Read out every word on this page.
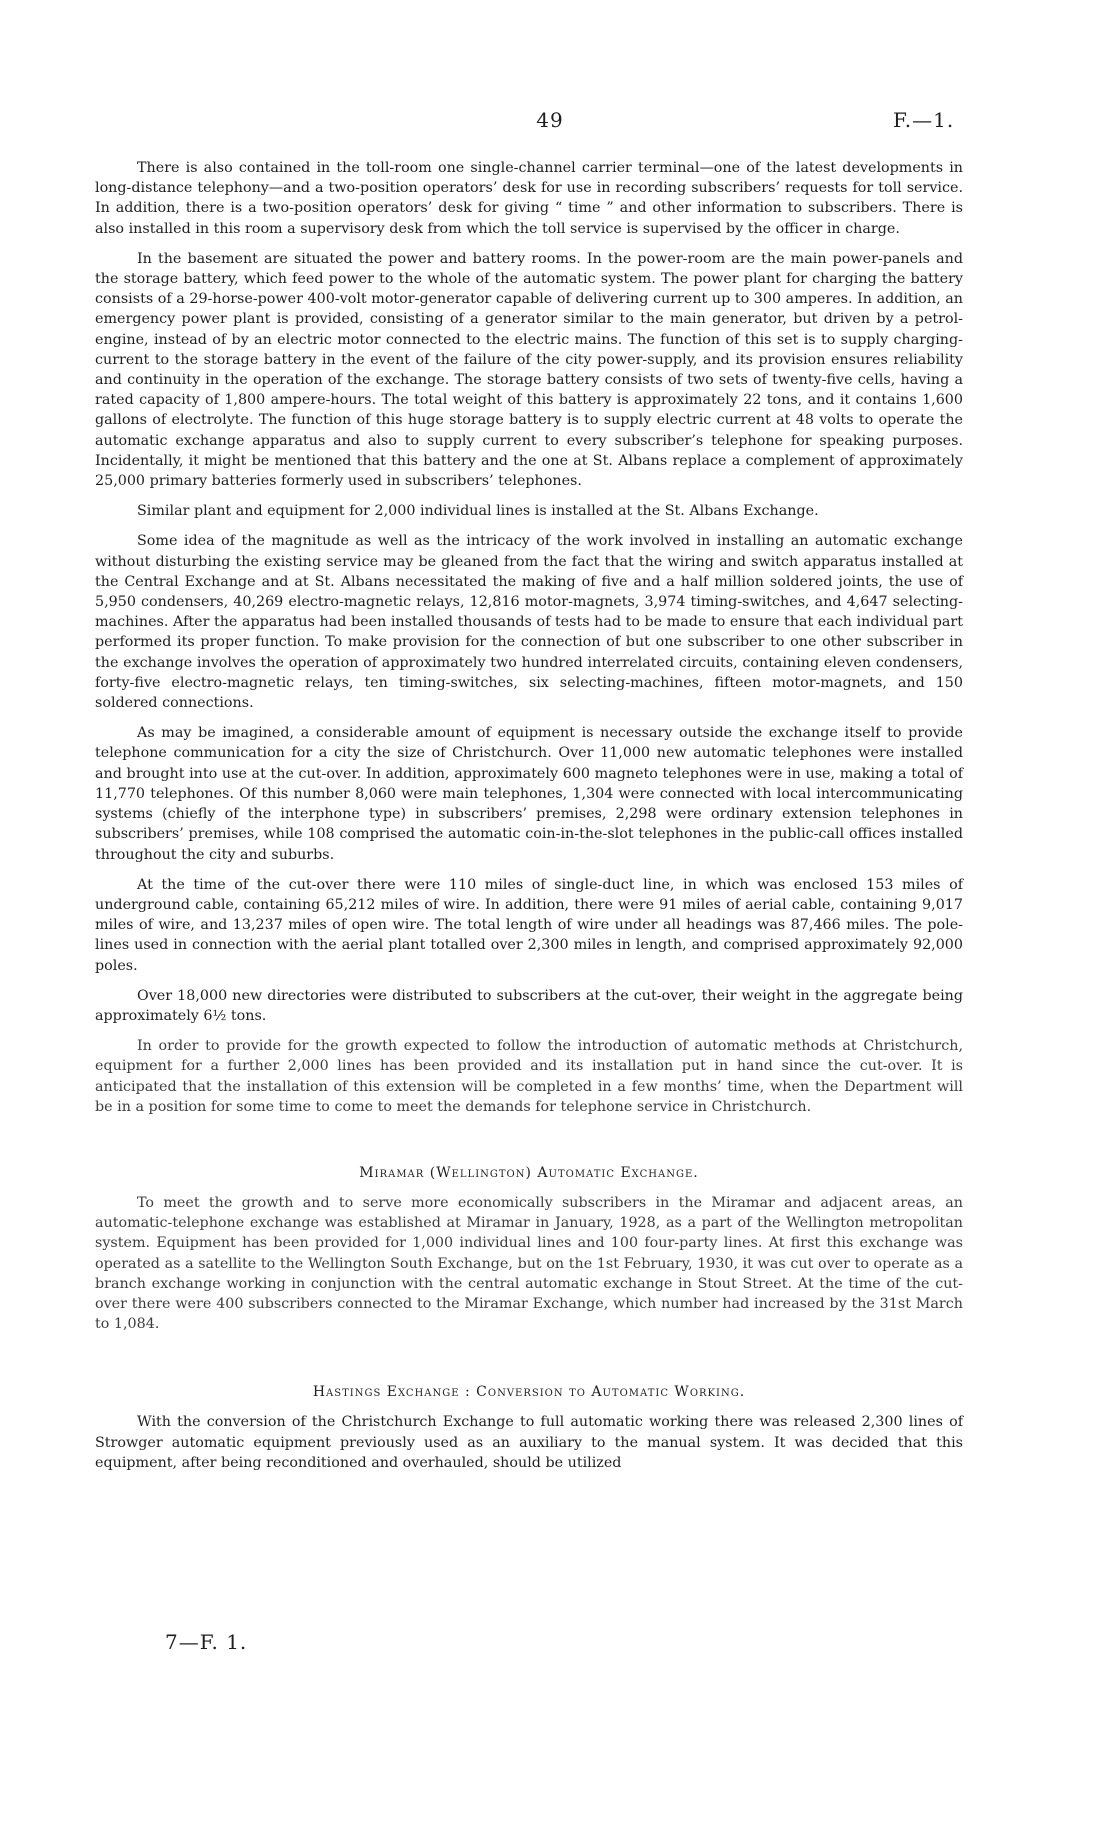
49	F.—1.

There is also contained in the toll-room one single-channel carrier terminal—one of the latest developments in long-distance telephony—and a two-position operators’ desk for use in recording subscribers’ requests for toll service. In addition, there is a two-position operators’ desk for giving “ time ” and other information to subscribers. There is also installed in this room a supervisory desk from which the toll service is supervised by the officer in charge.

In the basement are situated the power and battery rooms. In the power-room are the main power-panels and the storage battery, which feed power to the whole of the automatic system. The power plant for charging the battery consists of a 29-horse-power 400-volt motor-generator capable of delivering current up to 300 amperes. In addition, an emergency power plant is provided, consisting of a generator similar to the main generator, but driven by a petrol-engine, instead of by an electric motor connected to the electric mains. The function of this set is to supply charging-current to the storage battery in the event of the failure of the city power-supply, and its provision ensures reliability and continuity in the operation of the exchange. The storage battery consists of two sets of twenty-five cells, having a rated capacity of 1,800 ampere-hours. The total weight of this battery is approximately 22 tons, and it contains 1,600 gallons of electrolyte. The function of this huge storage battery is to supply electric current at 48 volts to operate the automatic exchange apparatus and also to supply current to every subscriber’s telephone for speaking purposes. Incidentally, it might be mentioned that this battery and the one at St. Albans replace a complement of approximately 25,000 primary batteries formerly used in subscribers’ telephones.

Similar plant and equipment for 2,000 individual lines is installed at the St. Albans Exchange.

Some idea of the magnitude as well as the intricacy of the work involved in installing an automatic exchange without disturbing the existing service may be gleaned from the fact that the wiring and switch apparatus installed at the Central Exchange and at St. Albans necessitated the making of five and a half million soldered joints, the use of 5,950 condensers, 40,269 electro-magnetic relays, 12,816 motor-magnets, 3,974 timing-switches, and 4,647 selecting-machines. After the apparatus had been installed thousands of tests had to be made to ensure that each individual part performed its proper function. To make provision for the connection of but one subscriber to one other subscriber in the exchange involves the operation of approximately two hundred interrelated circuits, containing eleven condensers, forty-five electro-magnetic relays, ten timing-switches, six selecting-machines, fifteen motor-magnets, and 150 soldered connections.

As may be imagined, a considerable amount of equipment is necessary outside the exchange itself to provide telephone communication for a city the size of Christchurch. Over 11,000 new automatic telephones were installed and brought into use at the cut-over. In addition, approximately 600 magneto telephones were in use, making a total of 11,770 telephones. Of this number 8,060 were main telephones, 1,304 were connected with local intercommunicating systems (chiefly of the interphone type) in subscribers’ premises, 2,298 were ordinary extension telephones in subscribers’ premises, while 108 comprised the automatic coin-in-the-slot telephones in the public-call offices installed throughout the city and suburbs.

At the time of the cut-over there were 110 miles of single-duct line, in which was enclosed 153 miles of underground cable, containing 65,212 miles of wire. In addition, there were 91 miles of aerial cable, containing 9,017 miles of wire, and 13,237 miles of open wire. The total length of wire under all headings was 87,466 miles. The pole-lines used in connection with the aerial plant totalled over 2,300 miles in length, and comprised approximately 92,000 poles.

Over 18,000 new directories were distributed to subscribers at the cut-over, their weight in the aggregate being approximately 6½ tons.

In order to provide for the growth expected to follow the introduction of automatic methods at Christchurch, equipment for a further 2,000 lines has been provided and its installation put in hand since the cut-over. It is anticipated that the installation of this extension will be completed in a few months’ time, when the Department will be in a position for some time to come to meet the demands for telephone service in Christchurch.

Miramar (Wellington) Automatic Exchange.

To meet the growth and to serve more economically subscribers in the Miramar and adjacent areas, an automatic-telephone exchange was established at Miramar in January, 1928, as a part of the Wellington metropolitan system. Equipment has been provided for 1,000 individual lines and 100 four-party lines. At first this exchange was operated as a satellite to the Wellington South Exchange, but on the 1st February, 1930, it was cut over to operate as a branch exchange working in conjunction with the central automatic exchange in Stout Street. At the time of the cut-over there were 400 subscribers connected to the Miramar Exchange, which number had increased by the 31st March to 1,084.

Hastings Exchange : Conversion to Automatic Working.

With the conversion of the Christchurch Exchange to full automatic working there was released 2,300 lines of Strowger automatic equipment previously used as an auxiliary to the manual system. It was decided that this equipment, after being reconditioned and overhauled, should be utilized

7—F. 1.
